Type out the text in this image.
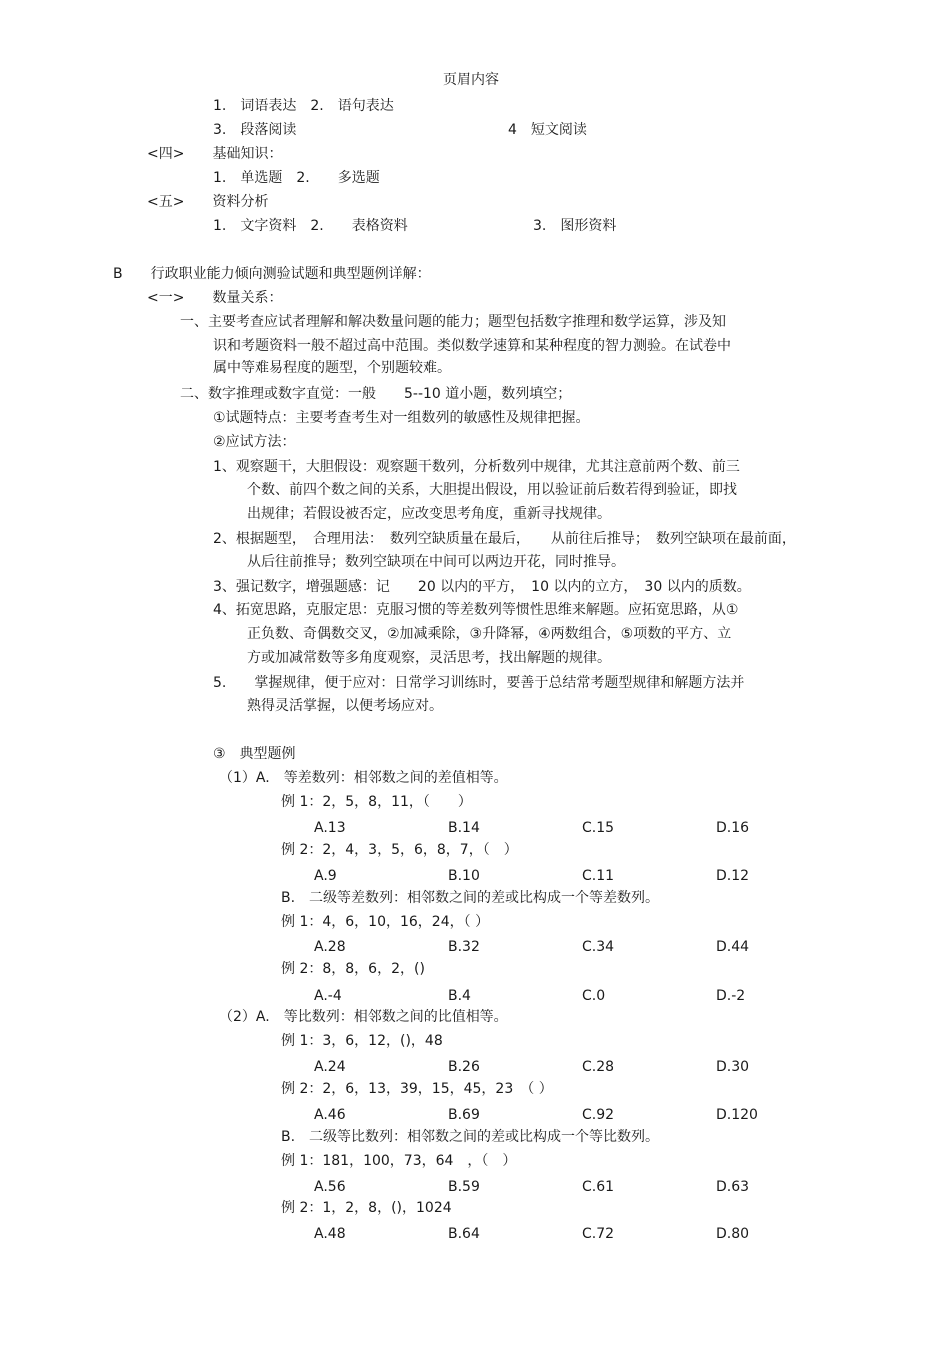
页眉内容
1.　词语表达　2.　语句表达
3.　段落阅读	4　短文阅读
<四>　　基础知识：
1.　单选题　2.　　多选题
<五>　　资料分析
1.　文字资料　2.　　表格资料	3.　图形资料
B　　行政职业能力倾向测验试题和典型题例详解：
<一>　　数量关系：
一、主要考查应试者理解和解决数量问题的能力；题型包括数字推理和数学运算，涉及知
识和考题资料一般不超过高中范围。类似数学速算和某种程度的智力测验。在试卷中
属中等难易程度的题型，个别题较难。
二、数字推理或数字直觉：一般　　5--10 道小题，数列填空；
①试题特点：主要考查考生对一组数列的敏感性及规律把握。
②应试方法：
1、观察题干，大胆假设：观察题干数列，分析数列中规律，尤其注意前两个数、前三
个数、前四个数之间的关系，大胆提出假设，用以验证前后数若得到验证，即找
出规律；若假设被否定，应改变思考角度，重新寻找规律。
2、根据题型，　合理用法：　数列空缺质量在最后，　　从前往后推导；　数列空缺项在最前面，
从后往前推导；数列空缺项在中间可以两边开花，同时推导。
3、强记数字，增强题感：记　　20 以内的平方，　10 以内的立方，　30 以内的质数。
4、拓宽思路，克服定思：克服习惯的等差数列等惯性思维来解题。应拓宽思路，从①
正负数、奇偶数交叉，②加减乘除，③升降幂，④两数组合，⑤项数的平方、立
方或加减常数等多角度观察，灵活思考，找出解题的规律。
5.　　掌握规律，便于应对：日常学习训练时，要善于总结常考题型规律和解题方法并
熟得灵活掌握，以便考场应对。
③　典型题例
（1）A.　等差数列：相邻数之间的差值相等。
例 1：2，5，8，11，（　　）
A.13	B.14	C.15	D.16
例 2：2，4，3，5，6，8，7，（　）
A.9	B.10	C.11	D.12
B.　二级等差数列：相邻数之间的差或比构成一个等差数列。
例 1：4，6，10，16，24，（ ）
A.28	B.32	C.34	D.44
例 2：8，8，6，2，()
A.-4	B.4	C.0	D.-2
（2）A.　等比数列：相邻数之间的比值相等。
例 1：3，6，12，()，48
A.24	B.26	C.28	D.30
例 2：2，6，13，39，15，45，23　（ ）
A.46	B.69	C.92	D.120
B.　二级等比数列：相邻数之间的差或比构成一个等比数列。
例 1：181，100，73，64　，（　）
A.56	B.59	C.61	D.63
例 2：1，2，8，()，1024
A.48	B.64	C.72	D.80
